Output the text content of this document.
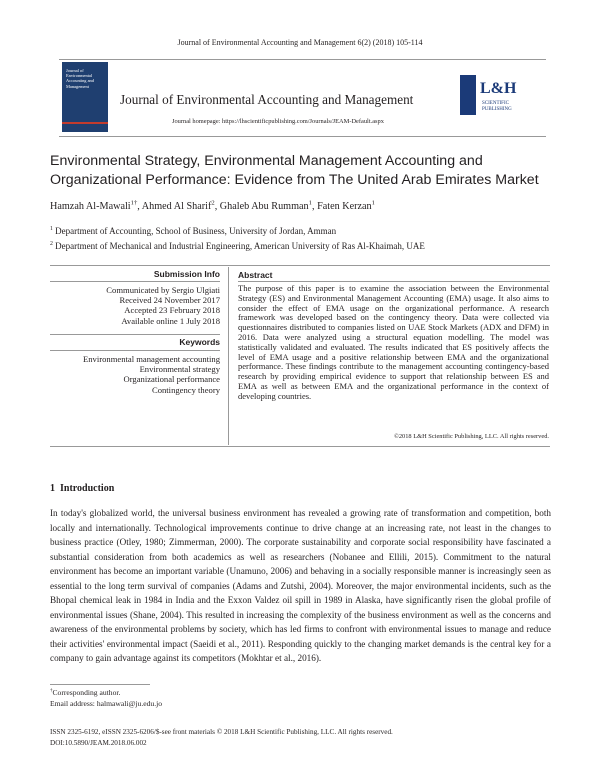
Journal of Environmental Accounting and Management 6(2) (2018) 105-114
Journal of Environmental Accounting and Management
Journal of Environmental Accounting and Management
Journal homepage: https://lhscientificpublishing.com/Journals/JEAM-Default.aspx
L&H
SCIENTIFIC PUBLISHING
Environmental Strategy, Environmental Management Accounting and Organizational Performance: Evidence from The United Arab Emirates Market
Hamzah Al-Mawali$^{1\dagger}$, Ahmed Al Sharif$^2$, Ghaleb Abu Rumman$^1$, Faten Kerzan$^1$
$^1$ Department of Accounting, School of Business, University of Jordan, Amman
$^2$ Department of Mechanical and Industrial Engineering, American University of Ras Al-Khaimah, UAE
Submission Info
Communicated by Sergio Ulgiati
Received 24 November 2017
Accepted 23 February 2018
Available online 1 July 2018
Keywords
Environmental management accounting
Environmental strategy
Organizational performance
Contingency theory
Abstract
The purpose of this paper is to examine the association between the Environmental Strategy (ES) and Environmental Management Accounting (EMA) usage. It also aims to consider the effect of EMA usage on the organizational performance. A research framework was developed based on the contingency theory. Data were collected via questionnaires distributed to companies listed on UAE Stock Markets (ADX and DFM) in 2016. Data were analyzed using a structural equation modelling. The model was statistically validated and evaluated. The results indicated that ES positively affects the level of EMA usage and a positive relationship between EMA and the organizational performance. These findings contribute to the management accounting contingency-based research by providing empirical evidence to support that relationship between ES and EMA as well as between EMA and the organizational performance in the context of developing countries.
©2018 L&H Scientific Publishing, LLC. All rights reserved.
1 Introduction
In today's globalized world, the universal business environment has revealed a growing rate of transformation and competition, both locally and internationally. Technological improvements continue to drive change at an increasing rate, not least in the changes to business practice (Otley, 1980; Zimmerman, 2000). The corporate sustainability and corporate social responsibility have fascinated a substantial consideration from both academics as well as researchers (Nobanee and Ellili, 2015). Commitment to the natural environment has become an important variable (Unamuno, 2006) and behaving in a socially responsible manner is increasingly seen as essential to the long term survival of companies (Adams and Zutshi, 2004). Moreover, the major environmental incidents, such as the Bhopal chemical leak in 1984 in India and the Exxon Valdez oil spill in 1989 in Alaska, have significantly risen the global profile of environmental issues (Shane, 2004). This resulted in increasing the complexity of the business environment as well as the concerns and awareness of the environmental problems by society, which has led firms to confront with environmental issues to manage and reduce their activities' environmental impact (Saeidi et al., 2011). Responding quickly to the changing market demands is the central key for a company to gain advantage against its competitors (Mokhtar et al., 2016).
†Corresponding author.
Email address: halmawali@ju.edu.jo
ISSN 2325-6192, eISSN 2325-6206/$-see front materials © 2018 L&H Scientific Publishing, LLC. All rights reserved.
DOI:10.5890/JEAM.2018.06.002
